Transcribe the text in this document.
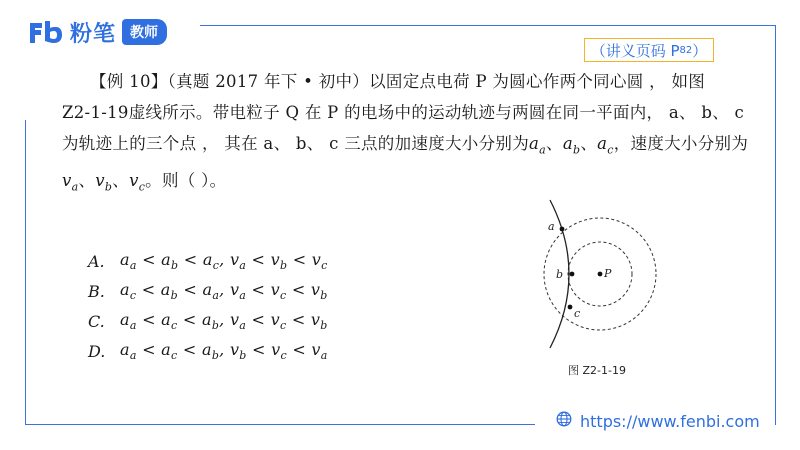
粉笔	教师
（讲义页码 P 82 ）

【例 10】（真题 2017 年下 • 初中）以固定点电荷 P 为圆心作两个同心圆 ， 如图

Z2-1-19虚线所示。带电粒子 Q 在 P 的电场中的运动轨迹与两圆在同一平面内， a、 b、 c

为轨迹上的三个点 ， 其在 a、 b、 c 三点的加速度大小分别为$a_a$、$a_b$、$a_c$，速度大小分别为

$v_a$、$v_b$、$v_c$。则（ ）。

A. $a_a < a_b < a_c$, $v_a < v_b < v_c$
B. $a_c < a_b < a_a$, $v_a < v_c < v_b$
C. $a_a < a_c < a_b$, $v_a < v_c < v_b$
D. $a_a < a_c < a_b$, $v_b < v_c < v_a$
a
b
c
P
图 Z2-1-19
https://www.fenbi.com
